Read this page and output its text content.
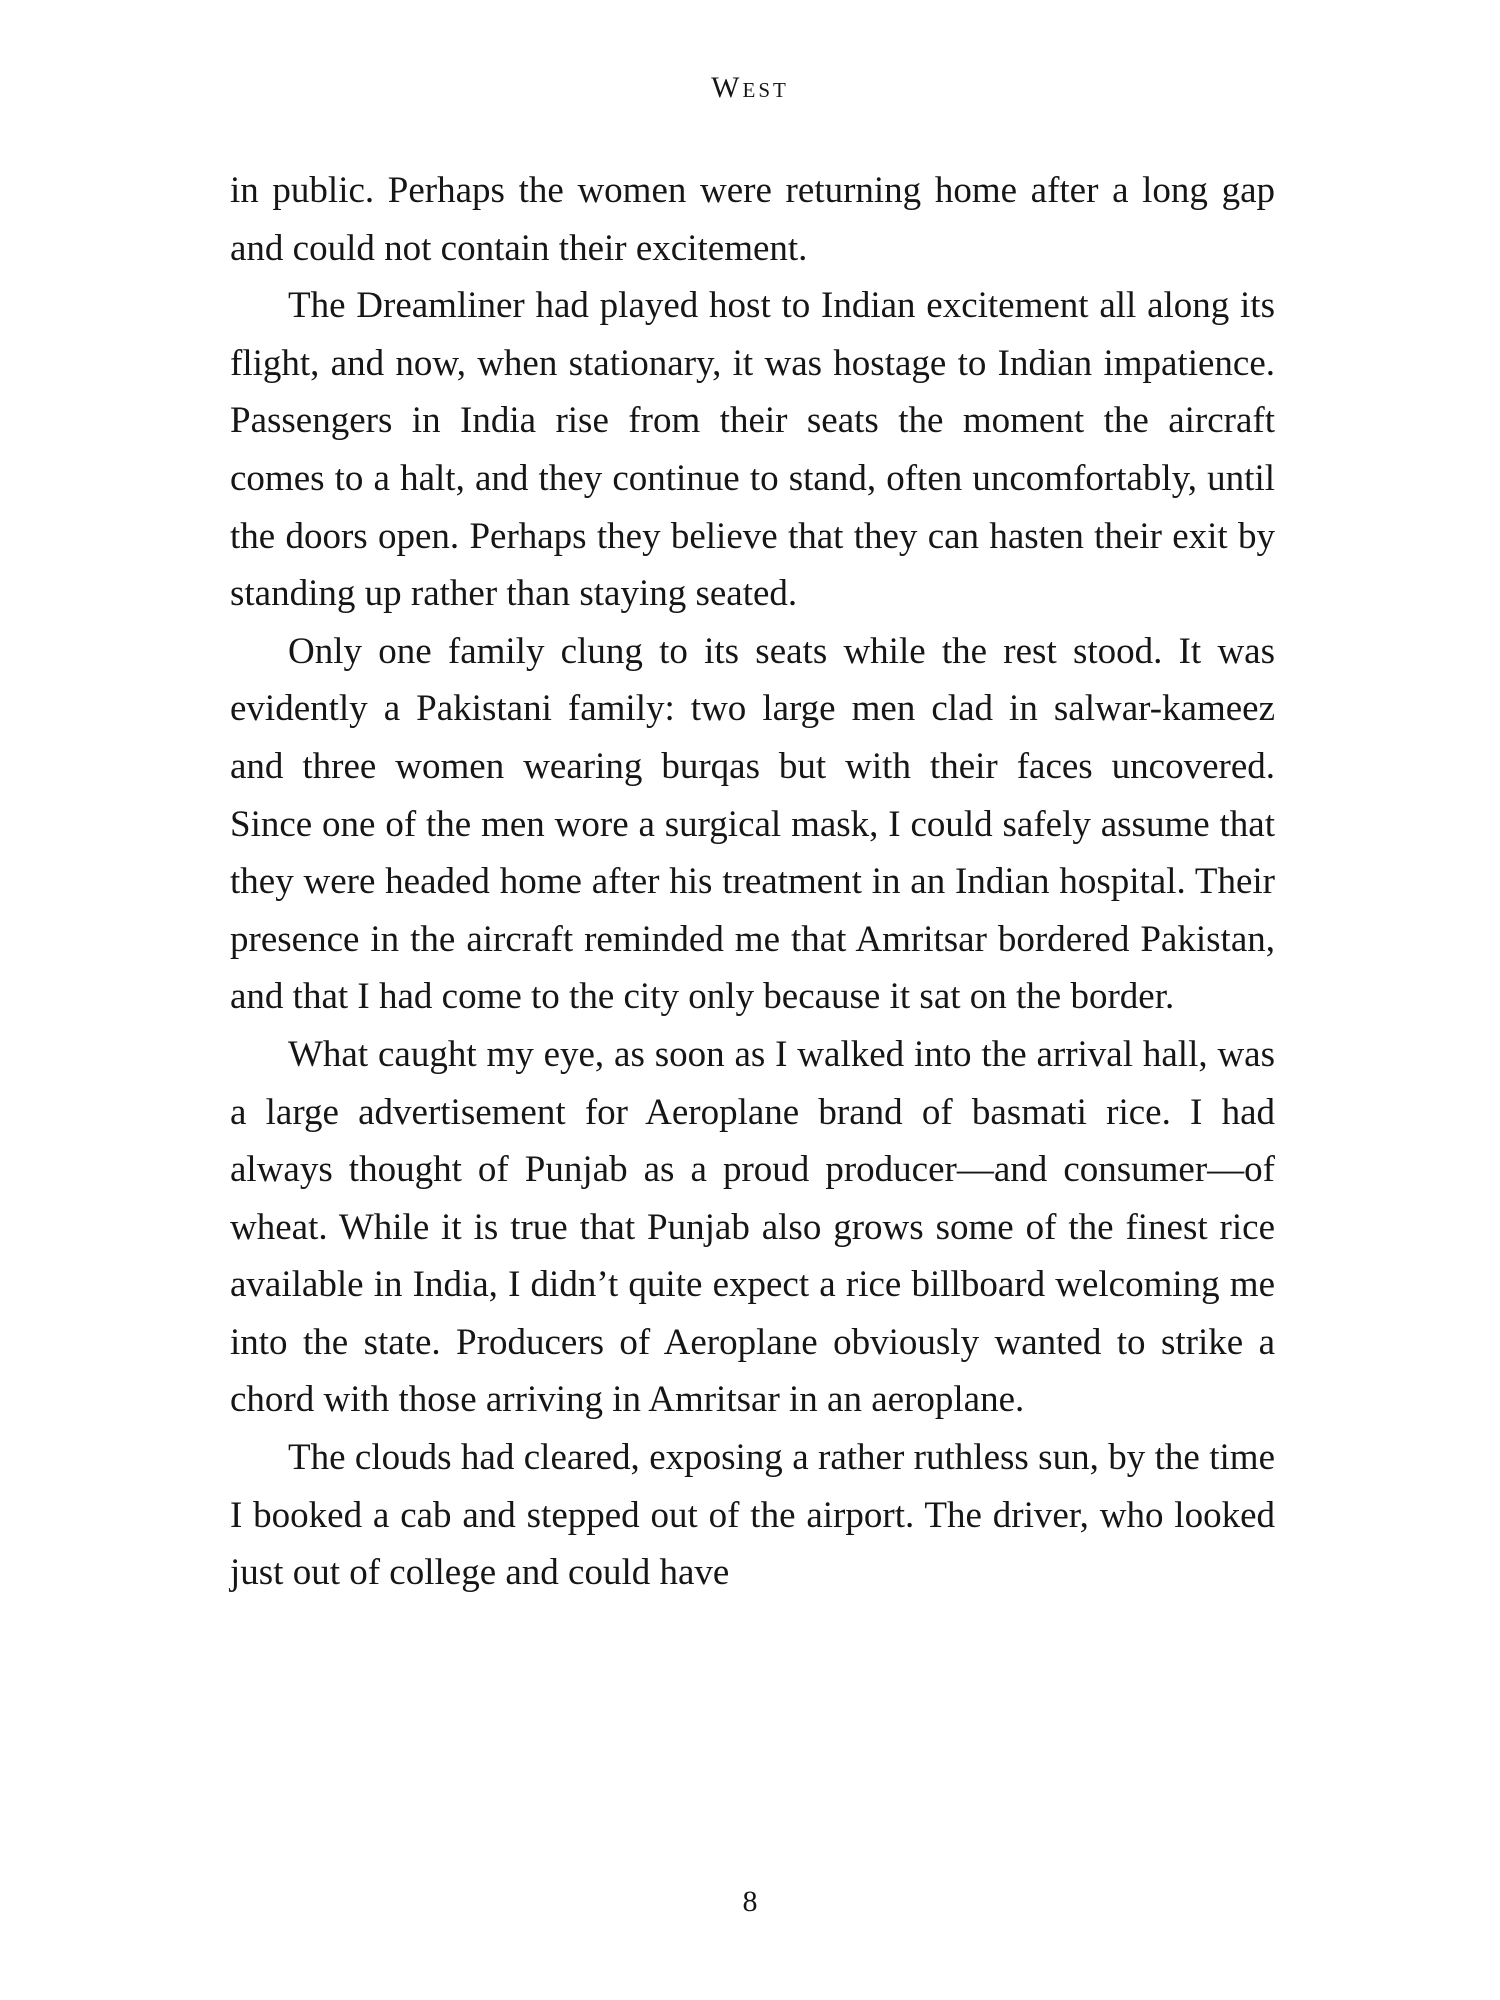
West

in public. Perhaps the women were returning home after a long gap and could not contain their excitement.

The Dreamliner had played host to Indian excitement all along its flight, and now, when stationary, it was hostage to Indian impatience. Passengers in India rise from their seats the moment the aircraft comes to a halt, and they continue to stand, often uncomfortably, until the doors open. Perhaps they believe that they can hasten their exit by standing up rather than staying seated.

Only one family clung to its seats while the rest stood. It was evidently a Pakistani family: two large men clad in salwar-kameez and three women wearing burqas but with their faces uncovered. Since one of the men wore a surgical mask, I could safely assume that they were headed home after his treatment in an Indian hospital. Their presence in the aircraft reminded me that Amritsar bordered Pakistan, and that I had come to the city only because it sat on the border.

What caught my eye, as soon as I walked into the arrival hall, was a large advertisement for Aeroplane brand of basmati rice. I had always thought of Punjab as a proud producer—and consumer—of wheat. While it is true that Punjab also grows some of the finest rice available in India, I didn’t quite expect a rice billboard welcoming me into the state. Producers of Aeroplane obviously wanted to strike a chord with those arriving in Amritsar in an aeroplane.

The clouds had cleared, exposing a rather ruthless sun, by the time I booked a cab and stepped out of the airport. The driver, who looked just out of college and could have

8
